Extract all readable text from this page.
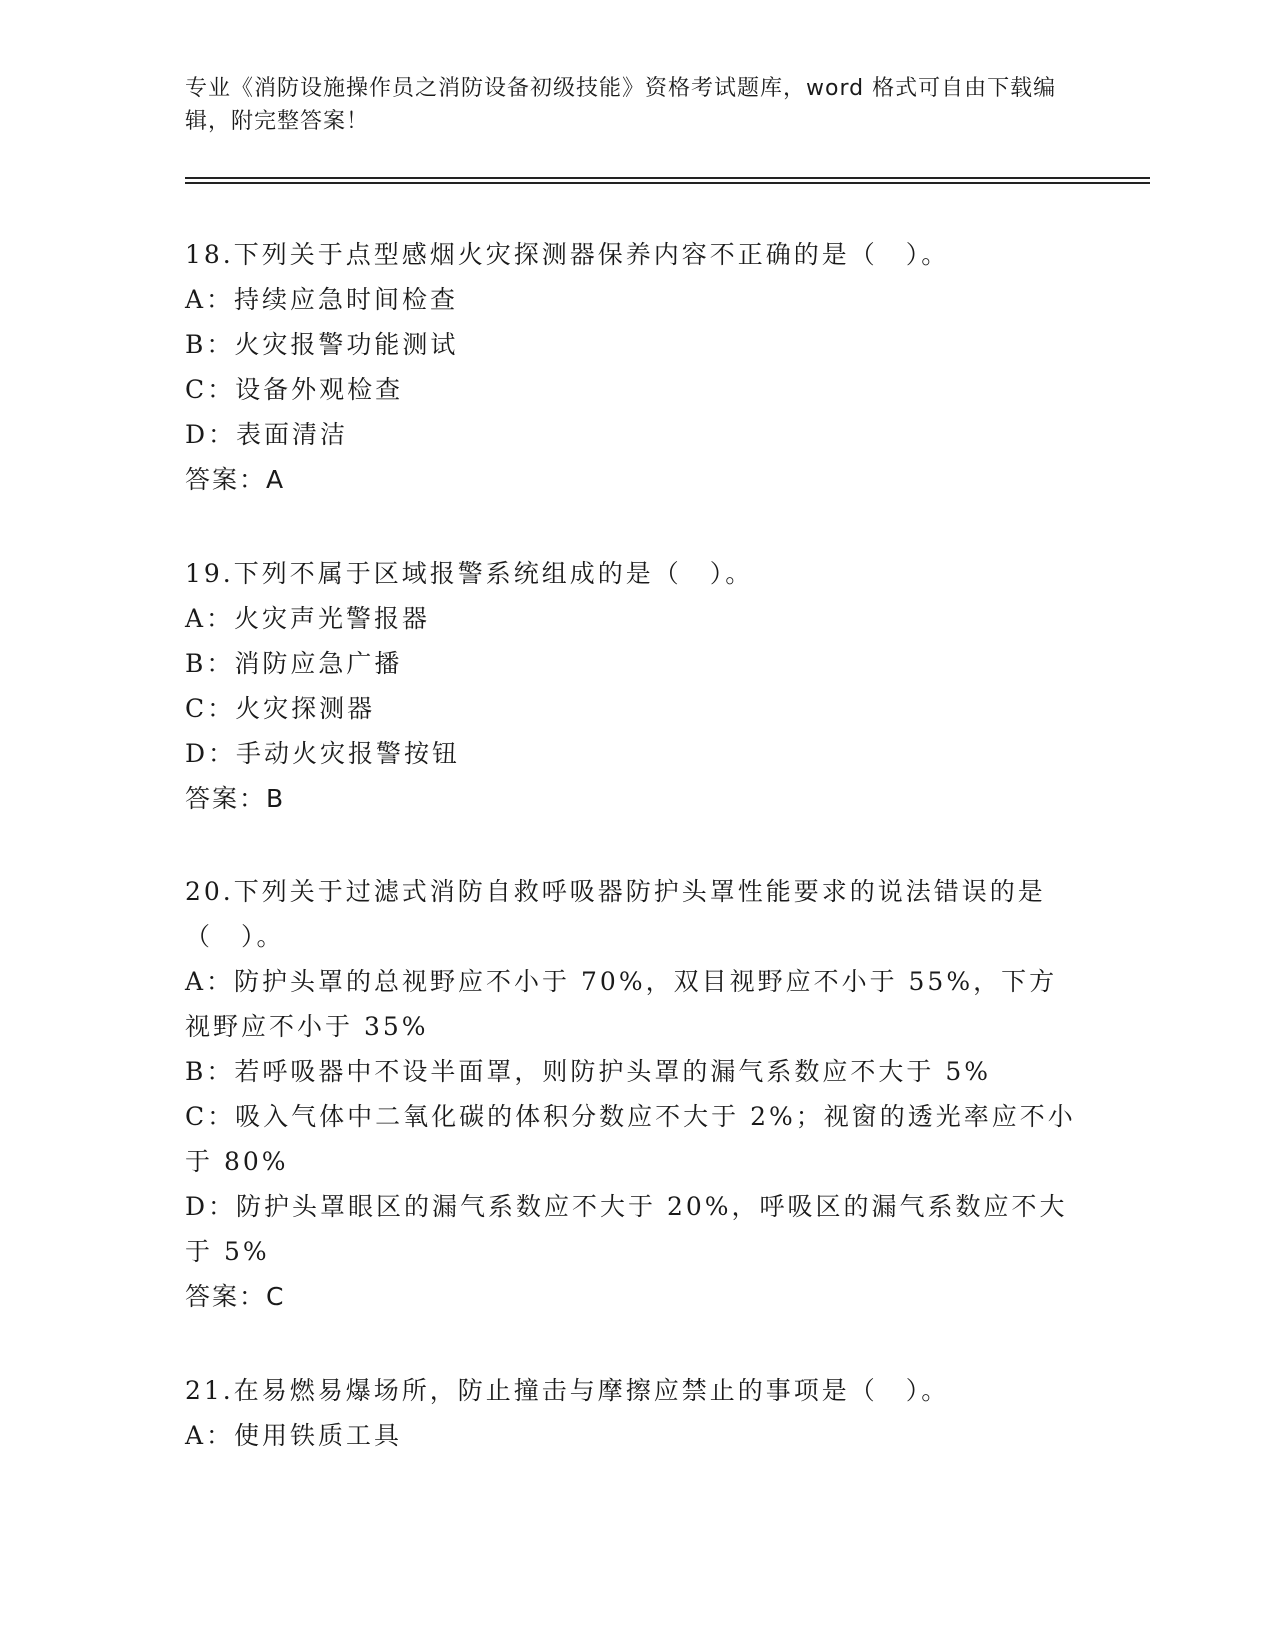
专业《消防设施操作员之消防设备初级技能》资格考试题库，word 格式可自由下载编辑，附完整答案！

18.下列关于点型感烟火灾探测器保养内容不正确的是（　）。

A：持续应急时间检查

B：火灾报警功能测试

C：设备外观检查

D：表面清洁

答案：A

19.下列不属于区域报警系统组成的是（　）。

A：火灾声光警报器

B：消防应急广播

C：火灾探测器

D：手动火灾报警按钮

答案：B

20.下列关于过滤式消防自救呼吸器防护头罩性能要求的说法错误的是（　）。

A：防护头罩的总视野应不小于 70%，双目视野应不小于 55%，下方视野应不小于 35%

B：若呼吸器中不设半面罩，则防护头罩的漏气系数应不大于 5%

C：吸入气体中二氧化碳的体积分数应不大于 2%；视窗的透光率应不小于 80%

D：防护头罩眼区的漏气系数应不大于 20%，呼吸区的漏气系数应不大于 5%

答案：C

21.在易燃易爆场所，防止撞击与摩擦应禁止的事项是（　）。

A：使用铁质工具
